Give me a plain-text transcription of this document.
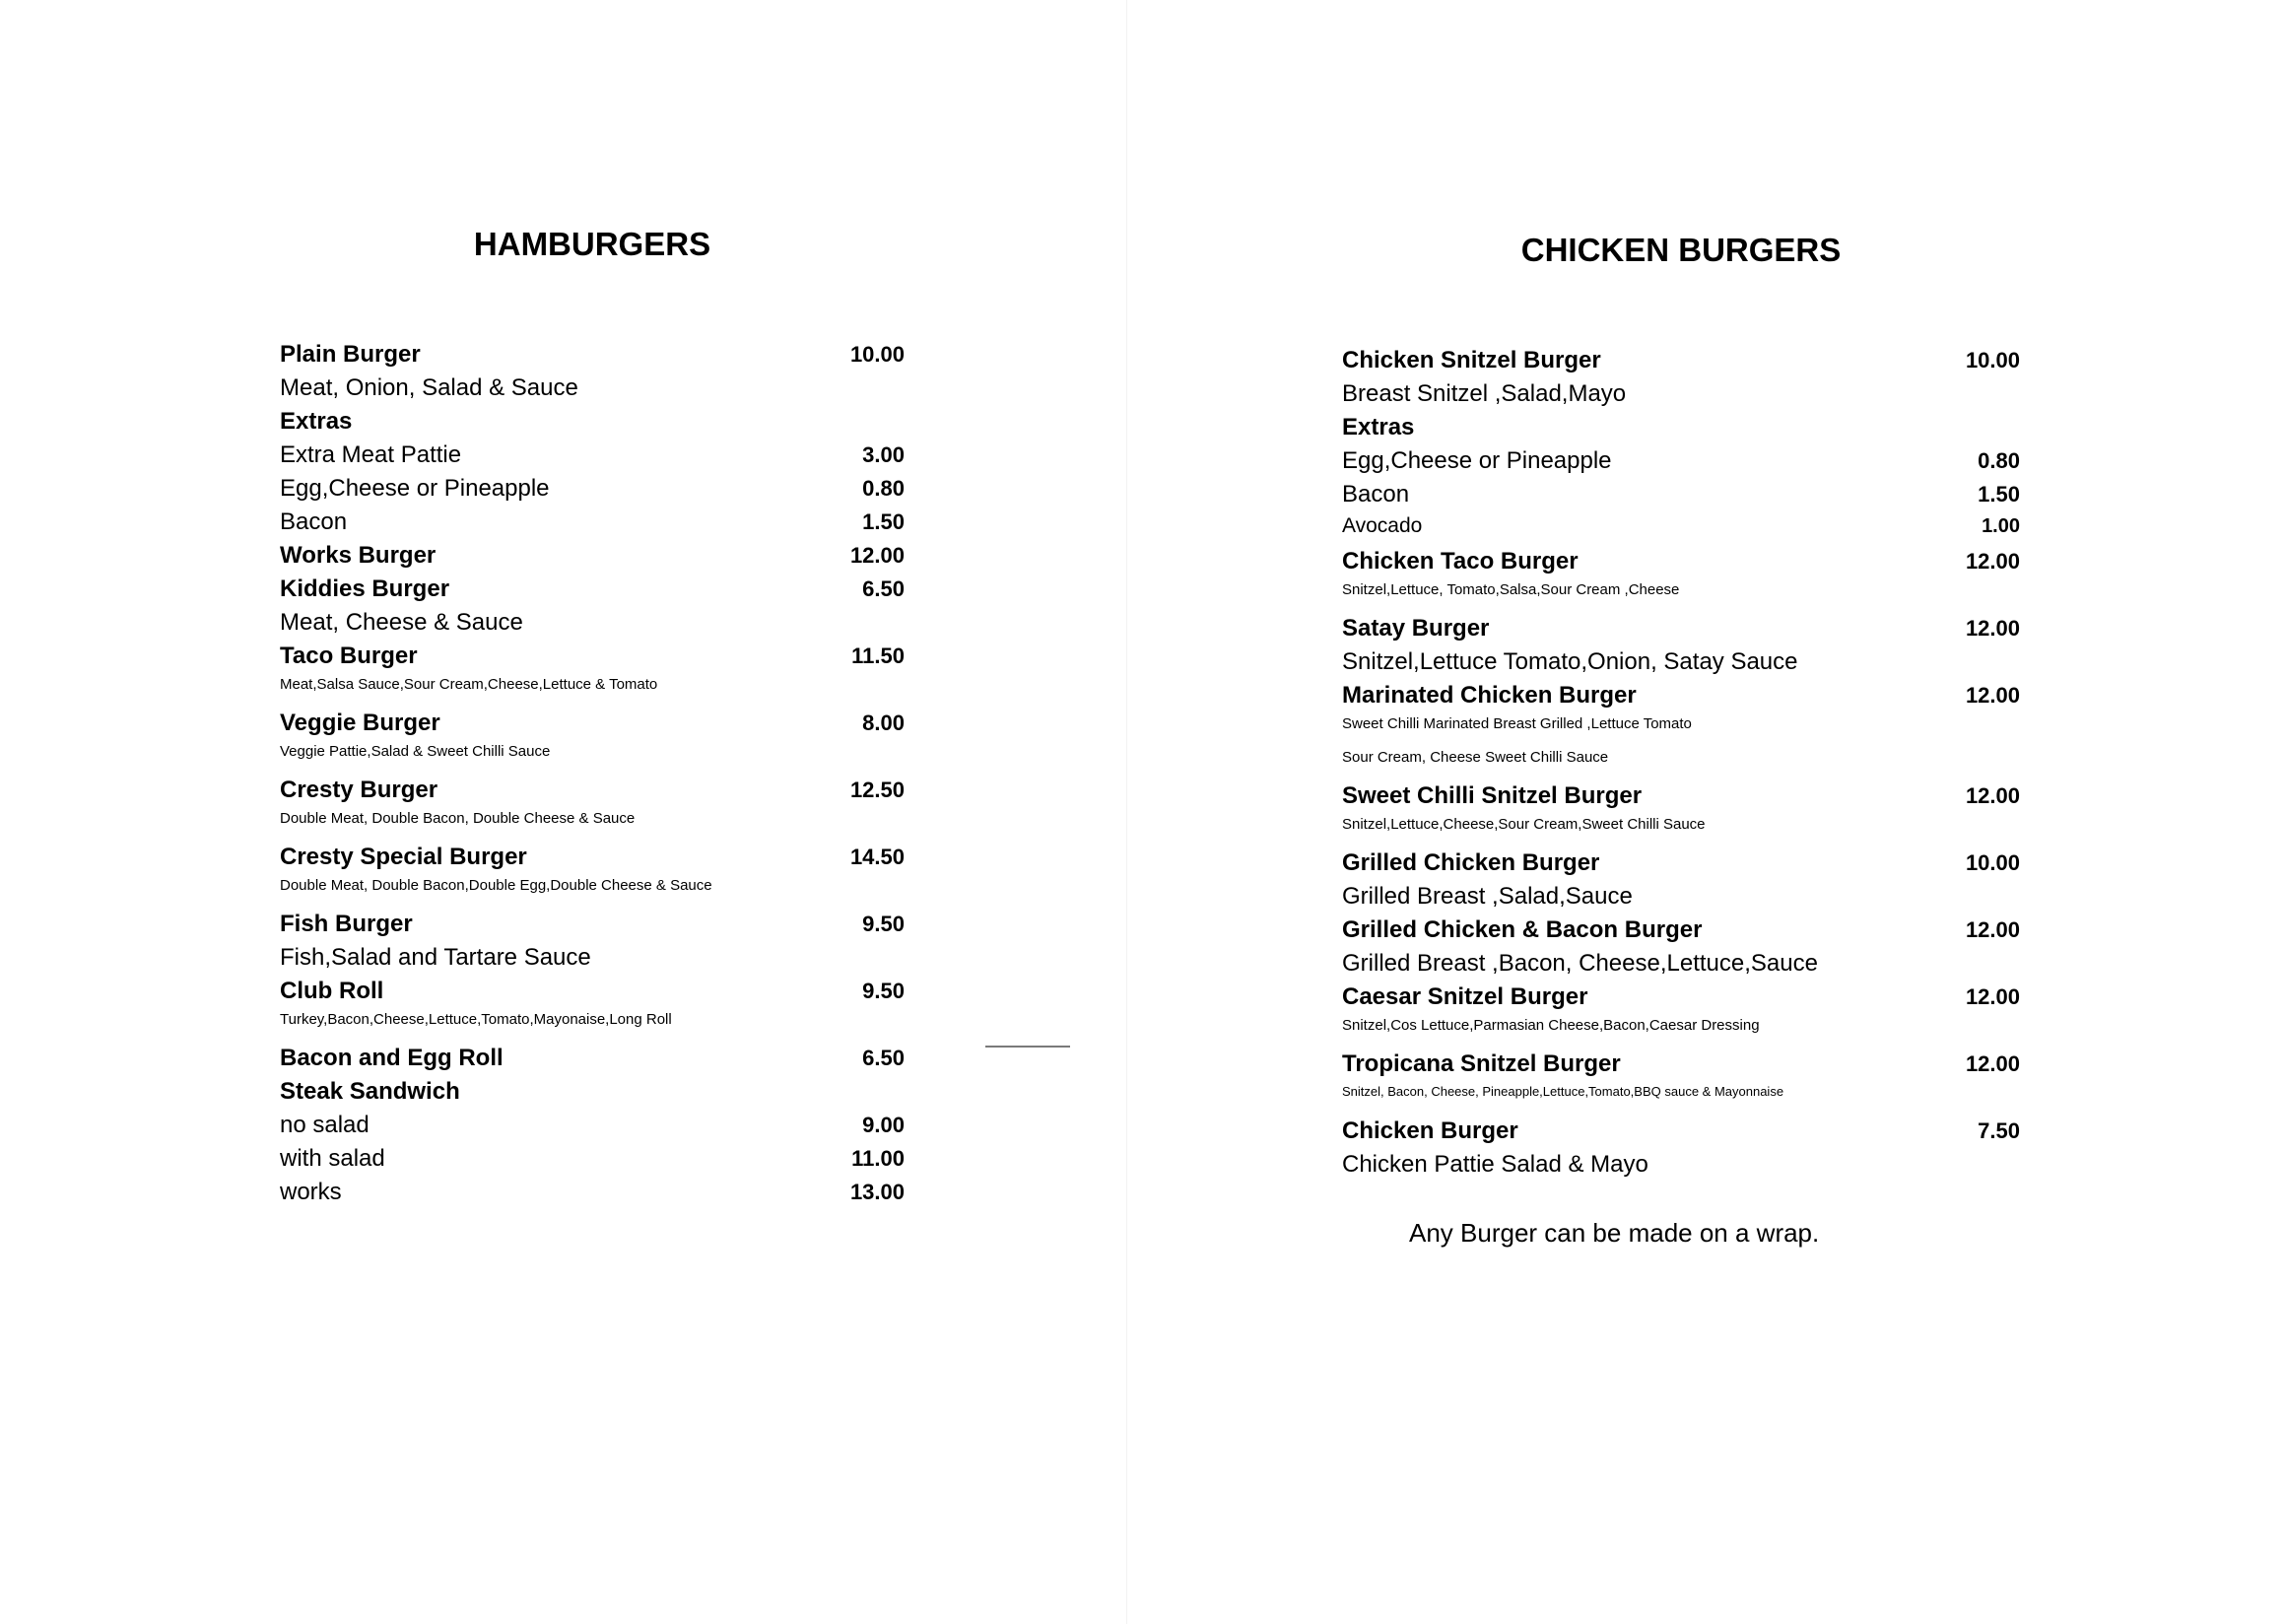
HAMBURGERS
Plain Burger	10.00
Meat, Onion, Salad & Sauce
Extras
Extra Meat Pattie	3.00
Egg,Cheese or Pineapple	0.80
Bacon	1.50
Works Burger	12.00
Kiddies Burger	6.50
Meat, Cheese & Sauce
Taco Burger	11.50
Meat,Salsa Sauce,Sour Cream,Cheese,Lettuce & Tomato
Veggie Burger	8.00
Veggie Pattie,Salad & Sweet Chilli Sauce
Cresty Burger	12.50
Double Meat, Double Bacon, Double Cheese & Sauce
Cresty Special Burger	14.50
Double Meat, Double Bacon,Double Egg,Double Cheese & Sauce
Fish Burger	9.50
Fish,Salad and Tartare Sauce
Club Roll	9.50
Turkey,Bacon,Cheese,Lettuce,Tomato,Mayonaise,Long Roll
Bacon and Egg Roll	6.50
Steak Sandwich
no salad	9.00
with salad	11.00
works	13.00
CHICKEN BURGERS
Chicken Snitzel Burger	10.00
Breast Snitzel ,Salad,Mayo
Extras
Egg,Cheese or Pineapple	0.80
Bacon	1.50
Avocado	1.00
Chicken Taco Burger	12.00
Snitzel,Lettuce, Tomato,Salsa,Sour Cream ,Cheese
Satay Burger	12.00
Snitzel,Lettuce Tomato,Onion, Satay Sauce
Marinated Chicken Burger	12.00
Sweet Chilli Marinated Breast Grilled ,Lettuce Tomato
Sour Cream, Cheese Sweet Chilli Sauce
Sweet Chilli Snitzel Burger	12.00
Snitzel,Lettuce,Cheese,Sour Cream,Sweet Chilli Sauce
Grilled Chicken Burger	10.00
Grilled Breast ,Salad,Sauce
Grilled Chicken & Bacon Burger	12.00
Grilled Breast ,Bacon, Cheese,Lettuce,Sauce
Caesar Snitzel Burger	12.00
Snitzel,Cos Lettuce,Parmasian Cheese,Bacon,Caesar Dressing
Tropicana Snitzel Burger	12.00
Snitzel, Bacon, Cheese, Pineapple,Lettuce,Tomato,BBQ sauce & Mayonnaise
Chicken Burger	7.50
Chicken Pattie Salad & Mayo
Any Burger can be made on a wrap.
